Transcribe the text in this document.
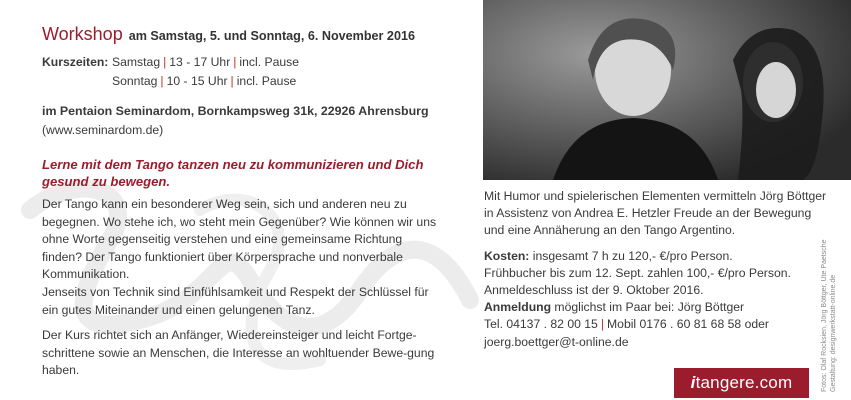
Workshop am Samstag, 5. und Sonntag, 6. November 2016
Kurszeiten: Samstag | 13 - 17 Uhr | incl. Pause
Sonntag | 10 - 15 Uhr | incl. Pause
im Pentaion Seminardom, Bornkampsweg 31k, 22926 Ahrensburg
(www.seminardom.de)
Lerne mit dem Tango tanzen neu zu kommunizieren und Dich gesund zu bewegen.

Der Tango kann ein besonderer Weg sein, sich und anderen neu zu begegnen. Wo stehe ich, wo steht mein Gegenüber? Wie können wir uns ohne Worte gegenseitig verstehen und eine gemeinsame Richtung finden? Der Tango funktioniert über Körpersprache und nonverbale Kommunikation.
Jenseits von Technik sind Einfühlsamkeit und Respekt der Schlüssel für ein gutes Miteinander und einen gelungenen Tanz.

Der Kurs richtet sich an Anfänger, Wiedereinsteiger und leicht Fortge-schrittene sowie an Menschen, die Interesse an wohltuender Bewe-gung haben.

Mit Humor und spielerischen Elementen vermitteln Jörg Böttger in Assistenz von Andrea E. Hetzler Freude an der Bewegung und eine Annäherung an den Tango Argentino.
Kosten: insgesamt 7 h zu 120,- €/pro Person.
Frühbucher bis zum 12. Sept. zahlen 100,- €/pro Person.
Anmeldeschluss ist der 9. Oktober 2016.
Anmeldung möglichst im Paar bei: Jörg Böttger
Tel. 04137 . 82 00 15 | Mobil 0176 . 60 81 68 58 oder
joerg.boettger@t-online.de
i tangere.com	Fotos: Olaf Rocksien, Jörg Böttger, Ute Paetsche Gestaltung: designwerkstatt-online.de
